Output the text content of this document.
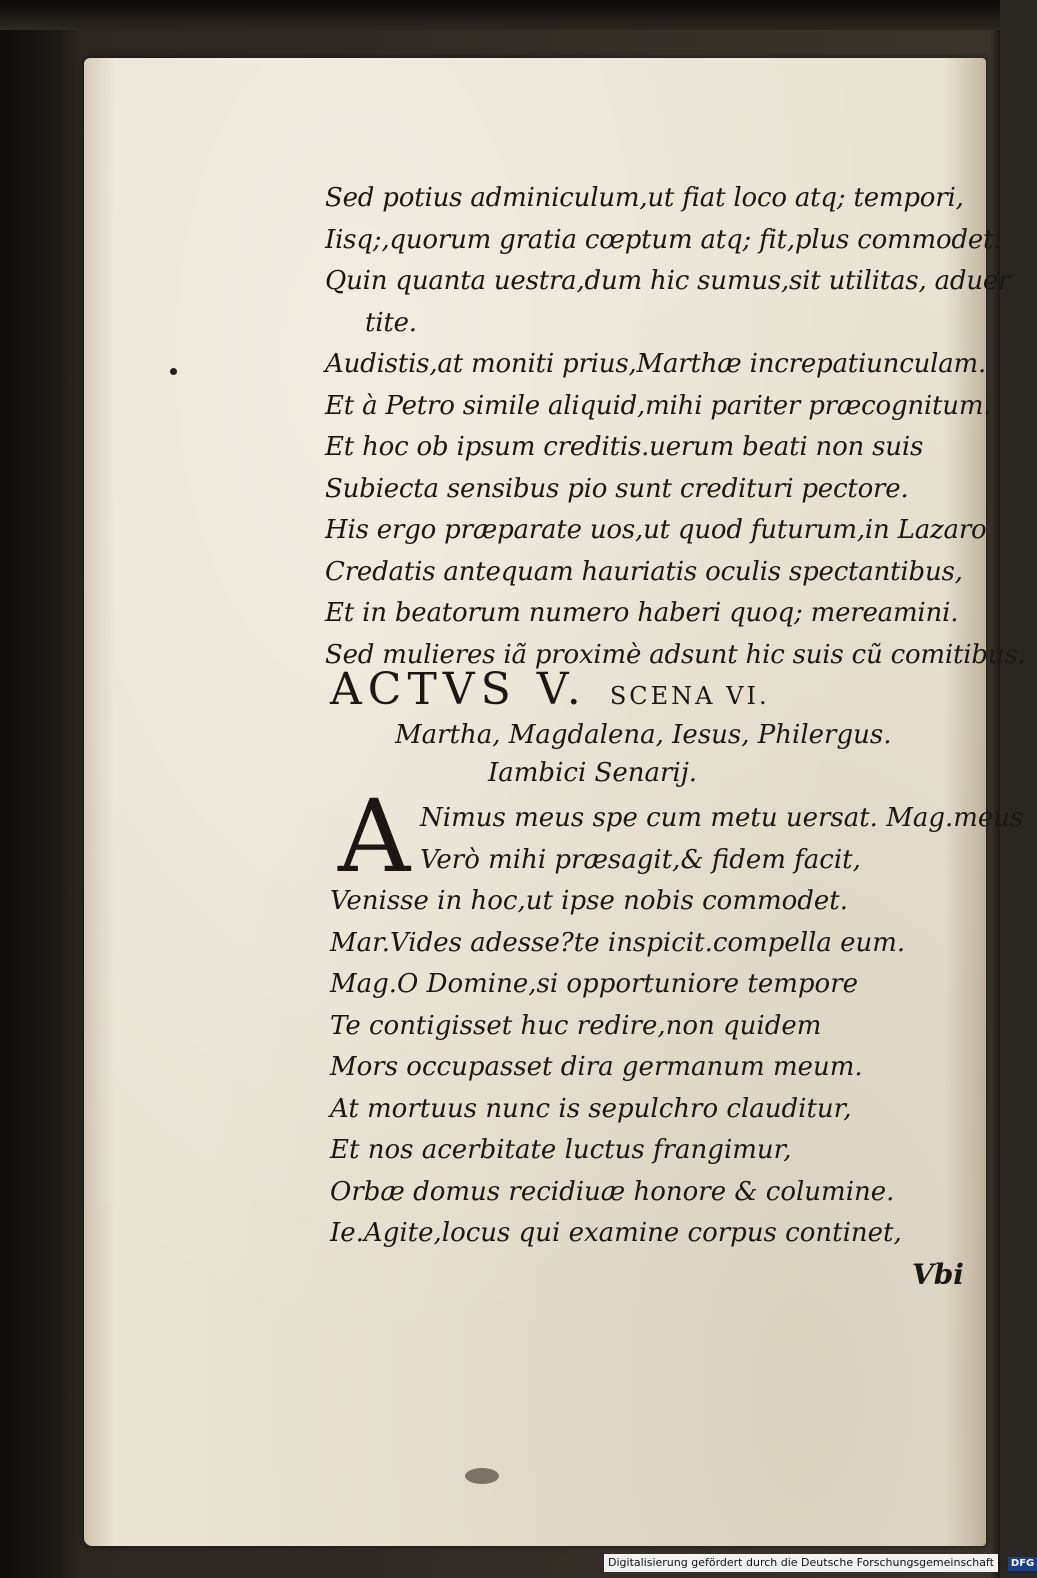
Sed potius adminiculum,ut fiat loco atq; tempori,
Iisq;,quorum gratia cœptum atq; fit,plus commodet.
Quin quanta uestra,dum hic sumus,sit utilitas, aduer
tite.
Audistis,at moniti prius,Marthæ increpatiunculam.
Et à Petro simile aliquid,mihi pariter præcognitum.
Et hoc ob ipsum creditis.uerum beati non suis
Subiecta sensibus pio sunt credituri pectore.
His ergo præparate uos,ut quod futurum,in Lazaro
Credatis antequam hauriatis oculis spectantibus,
Et in beatorum numero haberi quoq; mereamini.
Sed mulieres iã proximè adsunt hic suis cũ comitibus.
ACTVS V. SCENA VI.
Martha, Magdalena, Iesus, Philergus.
Iambici Senarij.
A Nimus meus spe cum metu uersat. Mag.meus
Verò mihi præsagit,& fidem facit,
Venisse in hoc,ut ipse nobis commodet.
Mar.Vides adesse?te inspicit.compella eum.
Mag.O Domine,si opportuniore tempore
Te contigisset huc redire,non quidem
Mors occupasset dira germanum meum.
At mortuus nunc is sepulchro clauditur,
Et nos acerbitate luctus frangimur,
Orbæ domus recidiuæ honore & columine.
Ie.Agite,locus qui examine corpus continet,
Vbi
Digitalisierung gefördert durch die Deutsche Forschungsgemeinschaft - DFG
